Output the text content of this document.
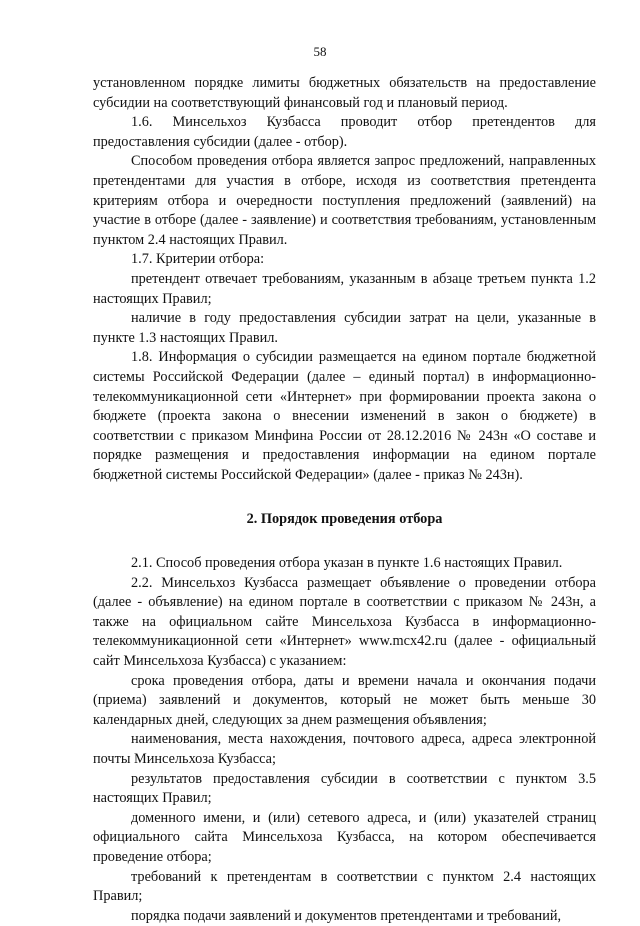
58

установленном порядке лимиты бюджетных обязательств на предоставление субсидии на соответствующий финансовый год и плановый период.

1.6. Минсельхоз Кузбасса проводит отбор претендентов для предоставления субсидии (далее - отбор).

Способом проведения отбора является запрос предложений, направленных претендентами для участия в отборе, исходя из соответствия претендента критериям отбора и очередности поступления предложений (заявлений) на участие в отборе (далее - заявление) и соответствия требованиям, установленным пунктом 2.4 настоящих Правил.

1.7. Критерии отбора:

претендент отвечает требованиям, указанным в абзаце третьем пункта 1.2 настоящих Правил;

наличие в году предоставления субсидии затрат на цели, указанные в пункте 1.3 настоящих Правил.

1.8. Информация о субсидии размещается на едином портале бюджетной системы Российской Федерации (далее – единый портал) в информационно-телекоммуникационной сети «Интернет» при формировании проекта закона о бюджете (проекта закона о внесении изменений в закон о бюджете) в соответствии с приказом Минфина России от 28.12.2016 № 243н «О составе и порядке размещения и предоставления информации на едином портале бюджетной системы Российской Федерации» (далее - приказ № 243н).

2. Порядок проведения отбора

2.1. Способ проведения отбора указан в пункте 1.6 настоящих Правил.

2.2. Минсельхоз Кузбасса размещает объявление о проведении отбора (далее - объявление) на едином портале в соответствии с приказом № 243н, а также на официальном сайте Минсельхоза Кузбасса в информационно-телекоммуникационной сети «Интернет» www.mcx42.ru (далее - официальный сайт Минсельхоза Кузбасса) с указанием:

срока проведения отбора, даты и времени начала и окончания подачи (приема) заявлений и документов, который не может быть меньше 30 календарных дней, следующих за днем размещения объявления;

наименования, места нахождения, почтового адреса, адреса электронной почты Минсельхоза Кузбасса;

результатов предоставления субсидии в соответствии с пунктом 3.5 настоящих Правил;

доменного имени, и (или) сетевого адреса, и (или) указателей страниц официального сайта Минсельхоза Кузбасса, на котором обеспечивается проведение отбора;

требований к претендентам в соответствии с пунктом 2.4 настоящих Правил;

порядка подачи заявлений и документов претендентами и требований,
